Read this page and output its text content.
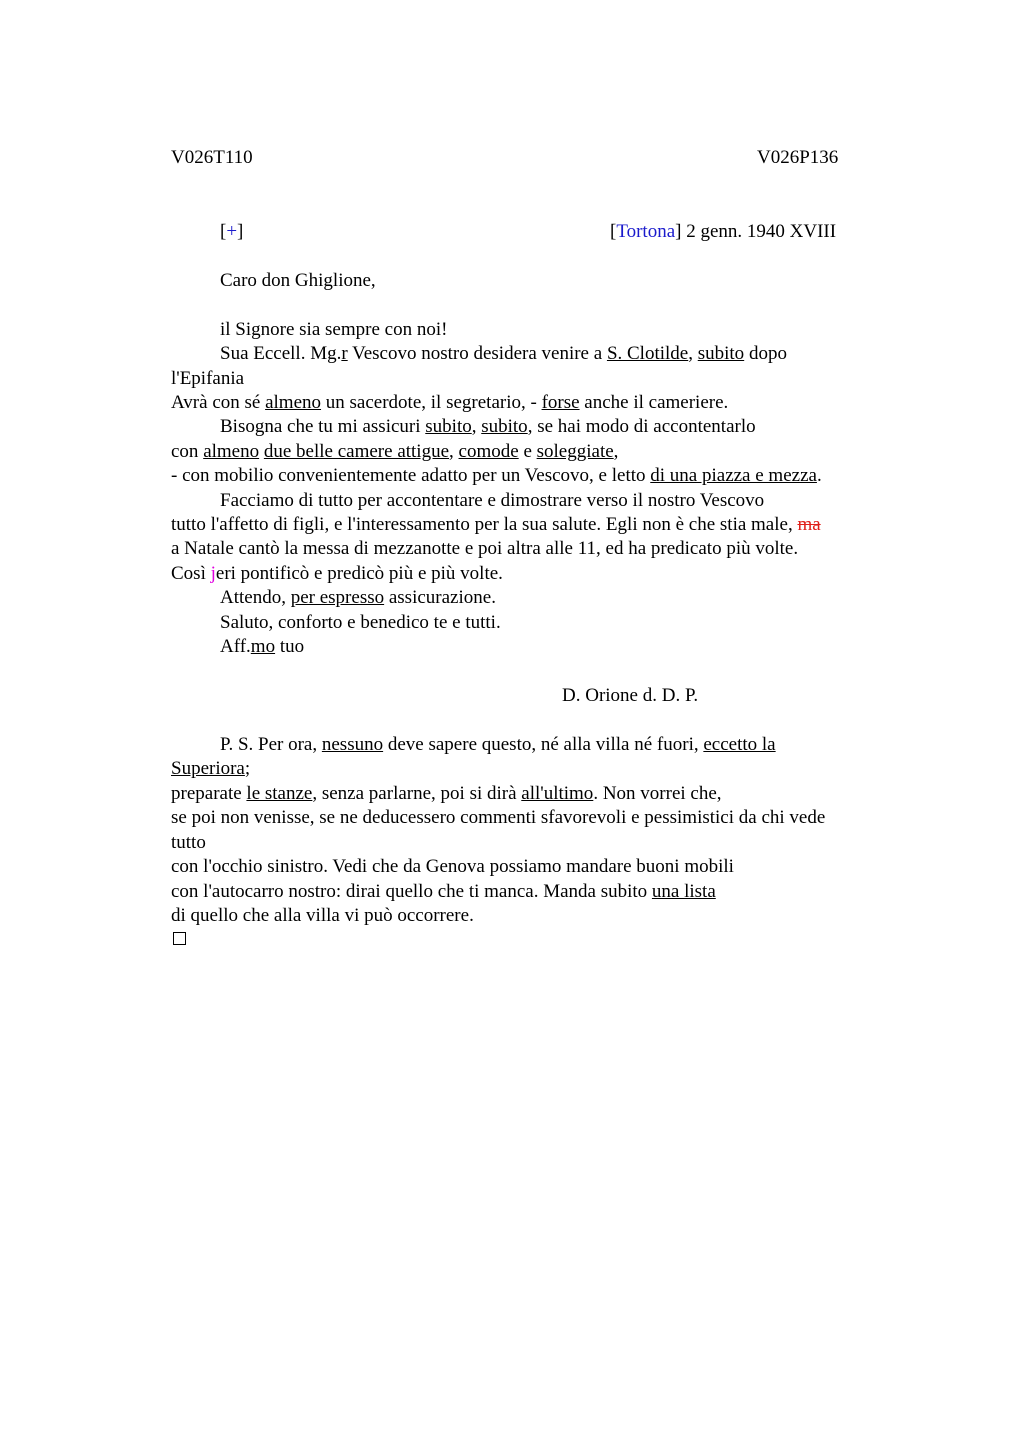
V026T110	V026P136
[+]	[Tortona] 2 genn. 1940 XVIII
Caro don Ghiglione,
il Signore sia sempre con noi!
Sua Eccell. Mg.r Vescovo nostro desidera venire a S. Clotilde, subito dopo
l'Epifania
Avrà con sé almeno un sacerdote, il segretario, - forse anche il cameriere.
Bisogna che tu mi assicuri subito, subito, se hai modo di accontentarlo
con almeno due belle camere attigue, comode e soleggiate,
- con mobilio convenientemente adatto per un Vescovo, e letto di una piazza e mezza.
Facciamo di tutto per accontentare e dimostrare verso il nostro Vescovo
tutto l'affetto di figli, e l'interessamento per la sua salute. Egli non è che stia male, ma
a Natale cantò la messa di mezzanotte e poi altra alle 11, ed ha predicato più volte.
Così jeri pontificò e predicò più e più volte.
Attendo, per espresso assicurazione.
Saluto, conforto e benedico te e tutti.
Aff.mo tuo
D. Orione d. D. P.
P. S. Per ora, nessuno deve sapere questo, né alla villa né fuori, eccetto la
Superiora;
preparate le stanze, senza parlarne, poi si dirà all'ultimo. Non vorrei che,
se poi non venisse, se ne deducessero commenti sfavorevoli e pessimistici da chi vede
tutto
con l'occhio sinistro. Vedi che da Genova possiamo mandare buoni mobili
con l'autocarro nostro: dirai quello che ti manca. Manda subito una lista
di quello che alla villa vi può occorrere.
